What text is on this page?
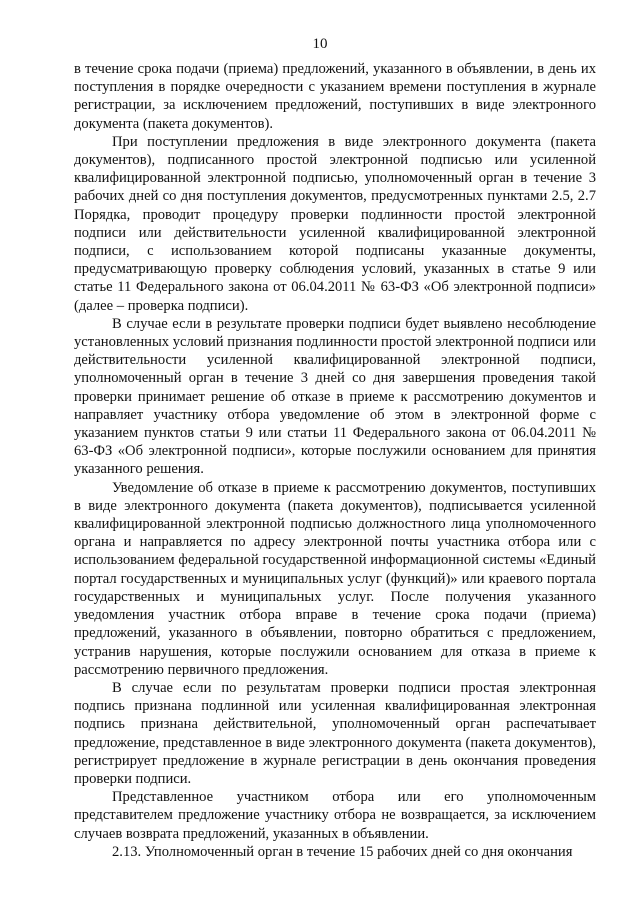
10

в течение срока подачи (приема) предложений, указанного в объявлении, в день их поступления в порядке очередности с указанием времени поступления в журнале регистрации, за исключением предложений, поступивших в виде электронного документа (пакета документов).

При поступлении предложения в виде электронного документа (пакета документов), подписанного простой электронной подписью или усиленной квалифицированной электронной подписью, уполномоченный орган в течение 3 рабочих дней со дня поступления документов, предусмотренных пунктами 2.5, 2.7 Порядка, проводит процедуру проверки подлинности простой электронной подписи или действительности усиленной квалифицированной электронной подписи, с использованием которой подписаны указанные документы, предусматривающую проверку соблюдения условий, указанных в статье 9 или статье 11 Федерального закона от 06.04.2011 № 63-ФЗ «Об электронной подписи» (далее – проверка подписи).

В случае если в результате проверки подписи будет выявлено несоблюдение установленных условий признания подлинности простой электронной подписи или действительности усиленной квалифицированной электронной подписи, уполномоченный орган в течение 3 дней со дня завершения проведения такой проверки принимает решение об отказе в приеме к рассмотрению документов и направляет участнику отбора уведомление об этом в электронной форме с указанием пунктов статьи 9 или статьи 11 Федерального закона от 06.04.2011 № 63-ФЗ «Об электронной подписи», которые послужили основанием для принятия указанного решения.

Уведомление об отказе в приеме к рассмотрению документов, поступивших в виде электронного документа (пакета документов), подписывается усиленной квалифицированной электронной подписью должностного лица уполномоченного органа и направляется по адресу электронной почты участника отбора или с использованием федеральной государственной информационной системы «Единый портал государственных и муниципальных услуг (функций)» или краевого портала государственных и муниципальных услуг. После получения указанного уведомления участник отбора вправе в течение срока подачи (приема) предложений, указанного в объявлении, повторно обратиться с предложением, устранив нарушения, которые послужили основанием для отказа в приеме к рассмотрению первичного предложения.

В случае если по результатам проверки подписи простая электронная подпись признана подлинной или усиленная квалифицированная электронная подпись признана действительной, уполномоченный орган распечатывает предложение, представленное в виде электронного документа (пакета документов), регистрирует предложение в журнале регистрации в день окончания проведения проверки подписи.

Представленное участником отбора или его уполномоченным представителем предложение участнику отбора не возвращается, за исключением случаев возврата предложений, указанных в объявлении.

2.13. Уполномоченный орган в течение 15 рабочих дней со дня окончания
